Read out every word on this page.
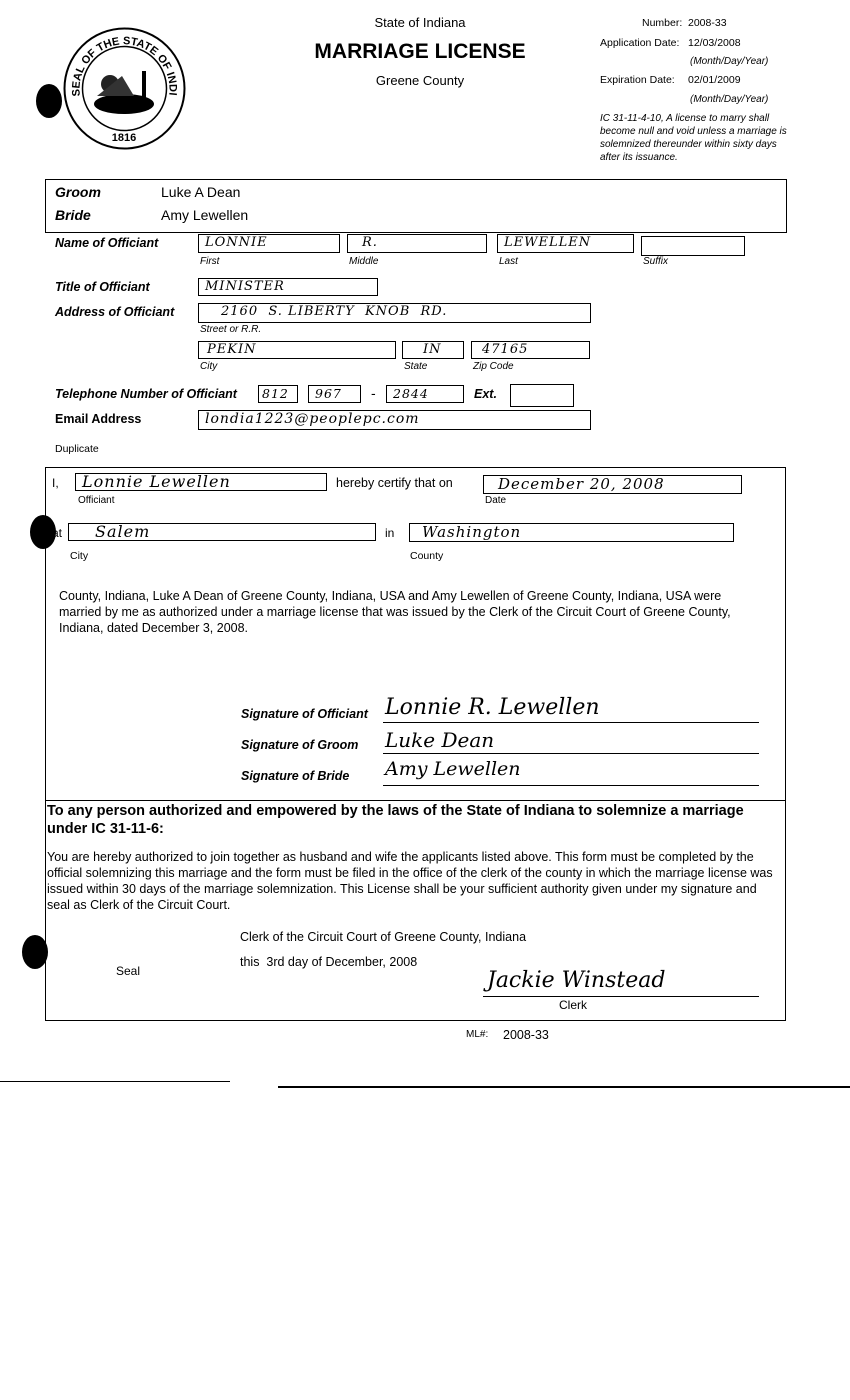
SEAL OF THE STATE OF INDI
1816
State of Indiana
MARRIAGE LICENSE
Greene County
Number: 2008-33
Application Date: 12/03/2008
(Month/Day/Year)
Expiration Date: 02/01/2009
(Month/Day/Year)
IC 31-11-4-10, A license to marry shall become null and void unless a marriage is solemnized thereunder within sixty days after its issuance.
Groom	Luke A Dean
Bride	Amy Lewellen
Name of Officiant	LONNIE	R.	LEWELLEN
First	Middle	Last	Suffix
Title of Officiant	MINISTER
Address of Officiant	2160  S. LIBERTY  KNOB  RD.
Street or R.R.
PEKIN	IN	47165
City	State	Zip Code
Telephone Number of Officiant	812	967	-	2844	Ext.
Email Address	londia1223@peoplepc.com
Duplicate
I,	Lonnie Lewellen
Officiant
hereby certify that on	December 20, 2008
Date
at	Salem
City
in	Washington
County
County, Indiana, Luke A Dean of Greene County, Indiana, USA and Amy Lewellen of Greene County, Indiana, USA were married by me as authorized under a marriage license that was issued by the Clerk of the Circuit Court of Greene County, Indiana, dated December 3, 2008.
Signature of Officiant Lonnie R. Lewellen
Signature of Groom Luke Dean
Signature of Bride Amy Lewellen
To any person authorized and empowered by the laws of the State of Indiana to solemnize a marriage under IC 31-11-6:
You are hereby authorized to join together as husband and wife the applicants listed above. This form must be completed by the official solemnizing this marriage and the form must be filed in the office of the clerk of the county in which the marriage license was issued within 30 days of the marriage solemnization. This License shall be your sufficient authority given under my signature and seal as Clerk of the Circuit Court.
Clerk of the Circuit Court of Greene County, Indiana
this  3rd day of December, 2008
Seal	Jackie Winstead
Clerk
ML#: 2008-33
